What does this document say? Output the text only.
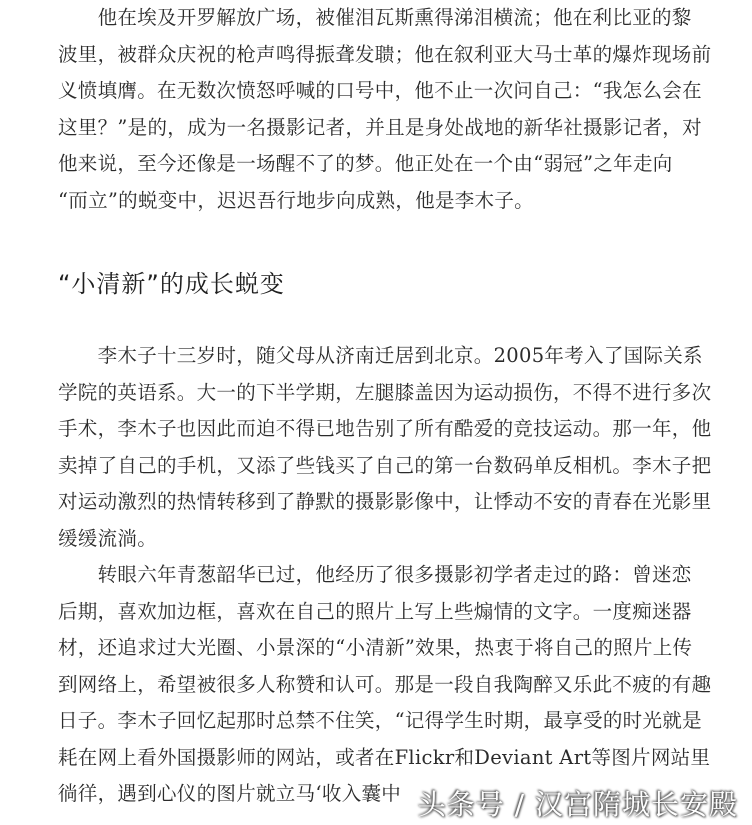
　　他在埃及开罗解放广场，被催泪瓦斯熏得涕泪横流；他在利比亚的黎
波里，被群众庆祝的枪声鸣得振聋发聩；他在叙利亚大马士革的爆炸现场前
义愤填膺。在无数次愤怒呼喊的口号中，他不止一次问自己：“我怎么会在
这里？”是的，成为一名摄影记者，并且是身处战地的新华社摄影记者，对
他来说，至今还像是一场醒不了的梦。他正处在一个由“弱冠”之年走向
“而立”的蜕变中，迟迟吾行地步向成熟，他是李木子。

“小清新”的成长蜕变

　　李木子十三岁时，随父母从济南迁居到北京。2005年考入了国际关系
学院的英语系。大一的下半学期，左腿膝盖因为运动损伤，不得不进行多次
手术，李木子也因此而迫不得已地告别了所有酷爱的竞技运动。那一年，他
卖掉了自己的手机，又添了些钱买了自己的第一台数码单反相机。李木子把
对运动激烈的热情转移到了静默的摄影影像中，让悸动不安的青春在光影里
缓缓流淌。

　　转眼六年青葱韶华已过，他经历了很多摄影初学者走过的路：曾迷恋
后期，喜欢加边框，喜欢在自己的照片上写上些煽情的文字。一度痴迷器
材，还追求过大光圈、小景深的“小清新”效果，热衷于将自己的照片上传
到网络上，希望被很多人称赞和认可。那是一段自我陶醉又乐此不疲的有趣
日子。李木子回忆起那时总禁不住笑，“记得学生时期，最享受的时光就是
耗在网上看外国摄影师的网站，或者在Flickr和Deviant Art等图片网站里
徜徉，遇到心仪的图片就立马‘收入囊中 头条号 / 汉宫隋城长安殿
